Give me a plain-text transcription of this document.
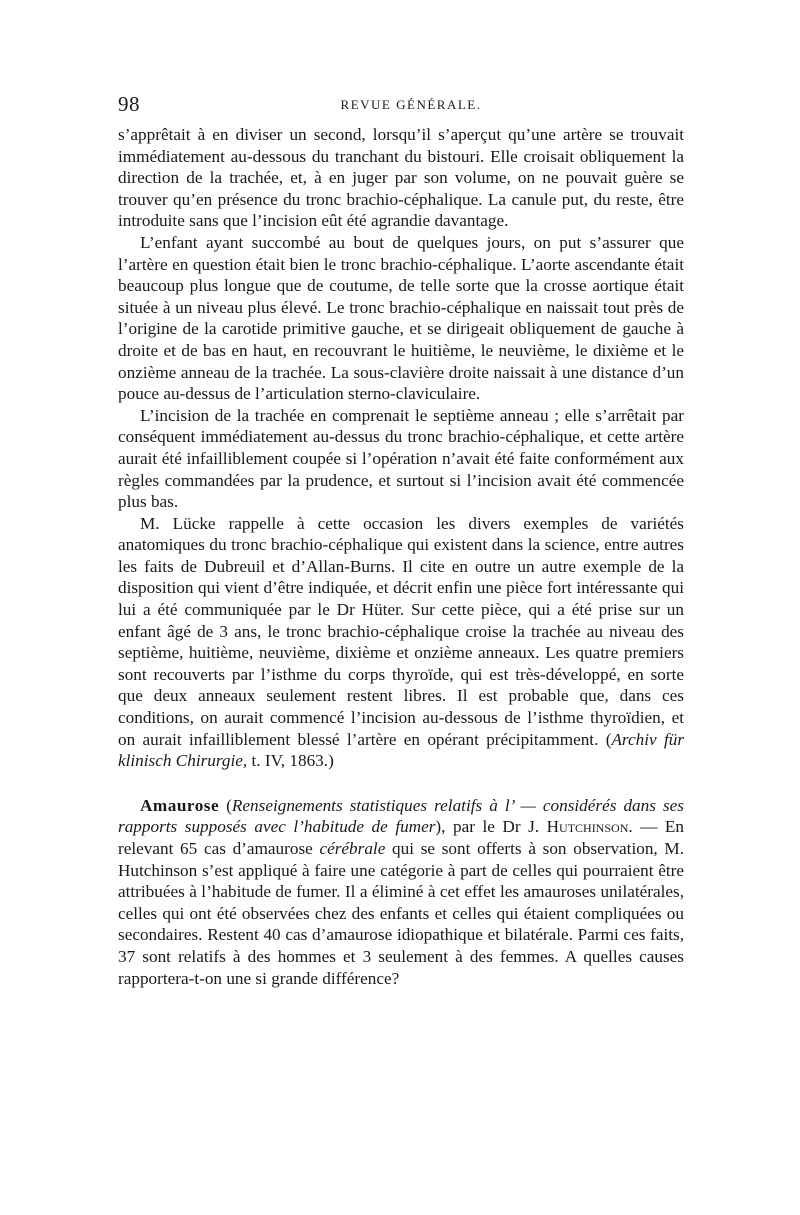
98	REVUE GÉNÉRALE.

s’apprêtait à en diviser un second, lorsqu’il s’aperçut qu’une artère se trouvait immédiatement au-dessous du tranchant du bistouri. Elle croisait obliquement la direction de la trachée, et, à en juger par son volume, on ne pouvait guère se trouver qu’en présence du tronc brachio-céphalique. La canule put, du reste, être introduite sans que l’incision eût été agrandie davantage.

L’enfant ayant succombé au bout de quelques jours, on put s’assurer que l’artère en question était bien le tronc brachio-céphalique. L’aorte ascendante était beaucoup plus longue que de coutume, de telle sorte que la crosse aortique était située à un niveau plus élevé. Le tronc brachio-céphalique en naissait tout près de l’origine de la carotide primitive gauche, et se dirigeait obliquement de gauche à droite et de bas en haut, en recouvrant le huitième, le neuvième, le dixième et le onzième anneau de la trachée. La sous-clavière droite naissait à une distance d’un pouce au-dessus de l’articulation sterno-claviculaire.

L’incision de la trachée en comprenait le septième anneau ; elle s’arrêtait par conséquent immédiatement au-dessus du tronc brachio-céphalique, et cette artère aurait été infailliblement coupée si l’opération n’avait été faite conformément aux règles commandées par la prudence, et surtout si l’incision avait été commencée plus bas.

M. Lücke rappelle à cette occasion les divers exemples de variétés anatomiques du tronc brachio-céphalique qui existent dans la science, entre autres les faits de Dubreuil et d’Allan-Burns. Il cite en outre un autre exemple de la disposition qui vient d’être indiquée, et décrit enfin une pièce fort intéressante qui lui a été communiquée par le Dr Hüter. Sur cette pièce, qui a été prise sur un enfant âgé de 3 ans, le tronc brachio-céphalique croise la trachée au niveau des septième, huitième, neuvième, dixième et onzième anneaux. Les quatre premiers sont recouverts par l’isthme du corps thyroïde, qui est très-développé, en sorte que deux anneaux seulement restent libres. Il est probable que, dans ces conditions, on aurait commencé l’incision au-dessous de l’isthme thyroïdien, et on aurait infailliblement blessé l’artère en opérant précipitamment. (Archiv für klinisch Chirurgie, t. IV, 1863.)

Amaurose (Renseignements statistiques relatifs à l’ — considérés dans ses rapports supposés avec l’habitude de fumer), par le Dr J. Hutchinson. — En relevant 65 cas d’amaurose cérébrale qui se sont offerts à son observation, M. Hutchinson s’est appliqué à faire une catégorie à part de celles qui pourraient être attribuées à l’habitude de fumer. Il a éliminé à cet effet les amauroses unilatérales, celles qui ont été observées chez des enfants et celles qui étaient compliquées ou secondaires. Restent 40 cas d’amaurose idiopathique et bilatérale. Parmi ces faits, 37 sont relatifs à des hommes et 3 seulement à des femmes. A quelles causes rapportera-t-on une si grande différence?
